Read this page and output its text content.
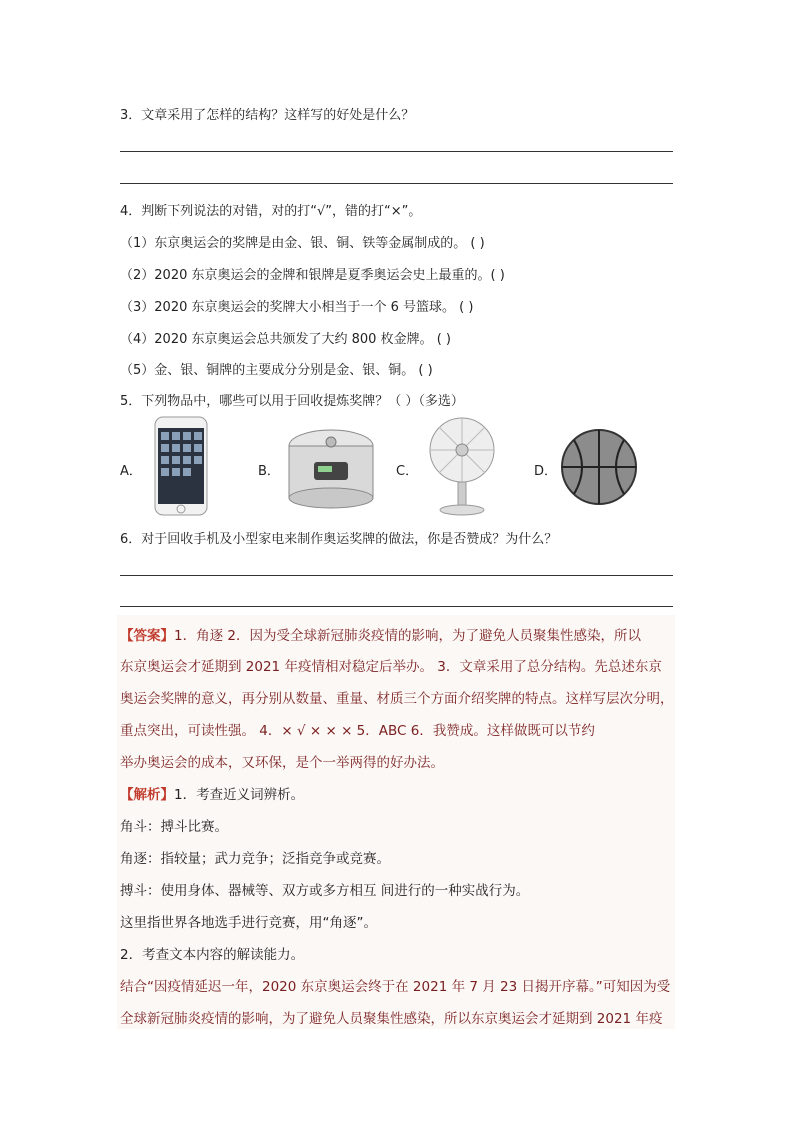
3．文章采用了怎样的结构？这样写的好处是什么？
4．判断下列说法的对错，对的打“√”，错的打“×”。
（1）东京奥运会的奖牌是由金、银、铜、铁等金属制成的。 ( )
（2）2020 东京奥运会的金牌和银牌是夏季奥运会史上最重的。( )
（3）2020 东京奥运会的奖牌大小相当于一个 6 号篮球。 ( )
（4）2020 东京奥运会总共颁发了大约 800 枚金牌。 ( )
（5）金、银、铜牌的主要成分分别是金、银、铜。 ( )
5．下列物品中，哪些可以用于回收提炼奖牌？（ ）（多选）
A．	B．	C．	D．
6．对于回收手机及小型家电来制作奥运奖牌的做法，你是否赞成？为什么？
【答案】1．角逐 2．因为受全球新冠肺炎疫情的影响，为了避免人员聚集性感染，所以
东京奥运会才延期到 2021 年疫情相对稳定后举办。 3．文章采用了总分结构。先总述东京
奥运会奖牌的意义，再分别从数量、重量、材质三个方面介绍奖牌的特点。这样写层次分明，
重点突出，可读性强。 4．× √ × × × 5．ABC 6．我赞成。这样做既可以节约
举办奥运会的成本，又环保，是个一举两得的好办法。
【解析】1．考查近义词辨析。
角斗：搏斗比赛。
角逐：指较量；武力竞争；泛指竞争或竞赛。
搏斗：使用身体、器械等、双方或多方相互 间进行的一种实战行为。
这里指世界各地选手进行竞赛，用“角逐”。
2．考查文本内容的解读能力。
结合“因疫情延迟一年，2020 东京奥运会终于在 2021 年 7 月 23 日揭开序幕。”可知因为受
全球新冠肺炎疫情的影响，为了避免人员聚集性感染，所以东京奥运会才延期到 2021 年疫
